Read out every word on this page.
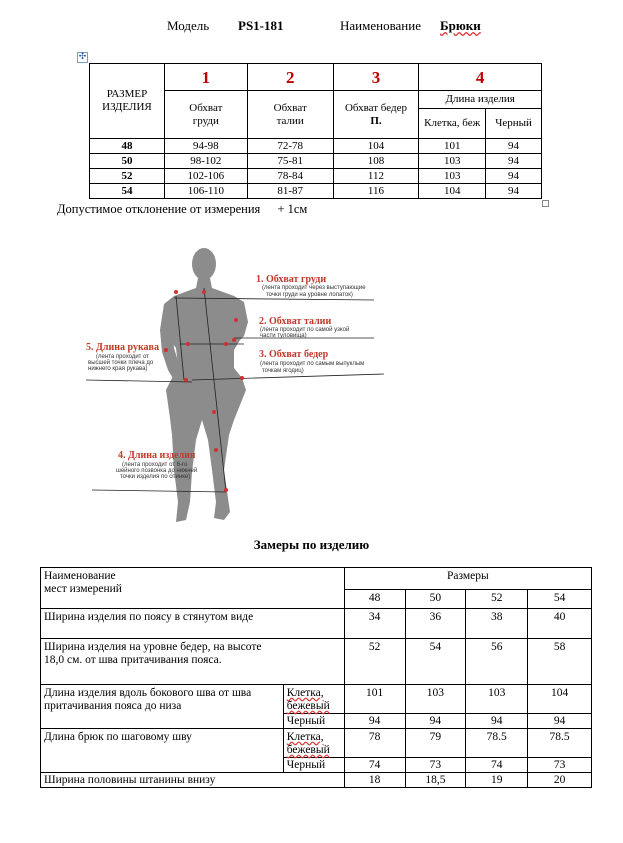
Модель PS1-181	Наименование Брюки
✣
РАЗМЕР ИЗДЕЛИЯ	1	2	3	4	
	Обхват груди	Обхват талии	Обхват бедер
П.	Длина изделия	
				Клетка, беж	Черный
48	94-98	72-78	104	101	94
50	98-102	75-81	108	103	94
52	102-106	78-84	112	103	94
54	106-110	81-87	116	104	94
Допустимое отклонение от измерения + 1см
1. Обхват груди
(лента проходит через выступающие
точки груди на уровне лопаток)
2. Обхват талии
(лента проходит по самой узкой
части туловища)
3. Обхват бедер
(лента проходит по самым выпуклым
точкам ягодиц)
4. Длина изделия
(лента проходит от 6-го
шейного позвонка до нижней
точки изделия по спинке)
5. Длина рукава
(лента проходит от
высшей точки плеча до
нижнего края рукава)
Замеры по изделию
Наименование
мест измерений		Размеры			
		48	50	52	54

Ширина изделия по поясу в стянутом виде		34	36	38	40

Ширина изделия на уровне бедер, на высоте 18,0 см. от шва притачивания пояса.		52	54	56	58
Длина изделия вдоль бокового шва от шва притачивания пояса до низа	Клетка, бежевый	101	103	103	104
	Черный	94	94	94	94
Длина брюк по шаговому шву	Клетка, бежевый	78	79	78.5	78.5
	Черный	74	73	74	73
Ширина половины штанины внизу		18	18,5	19	20
